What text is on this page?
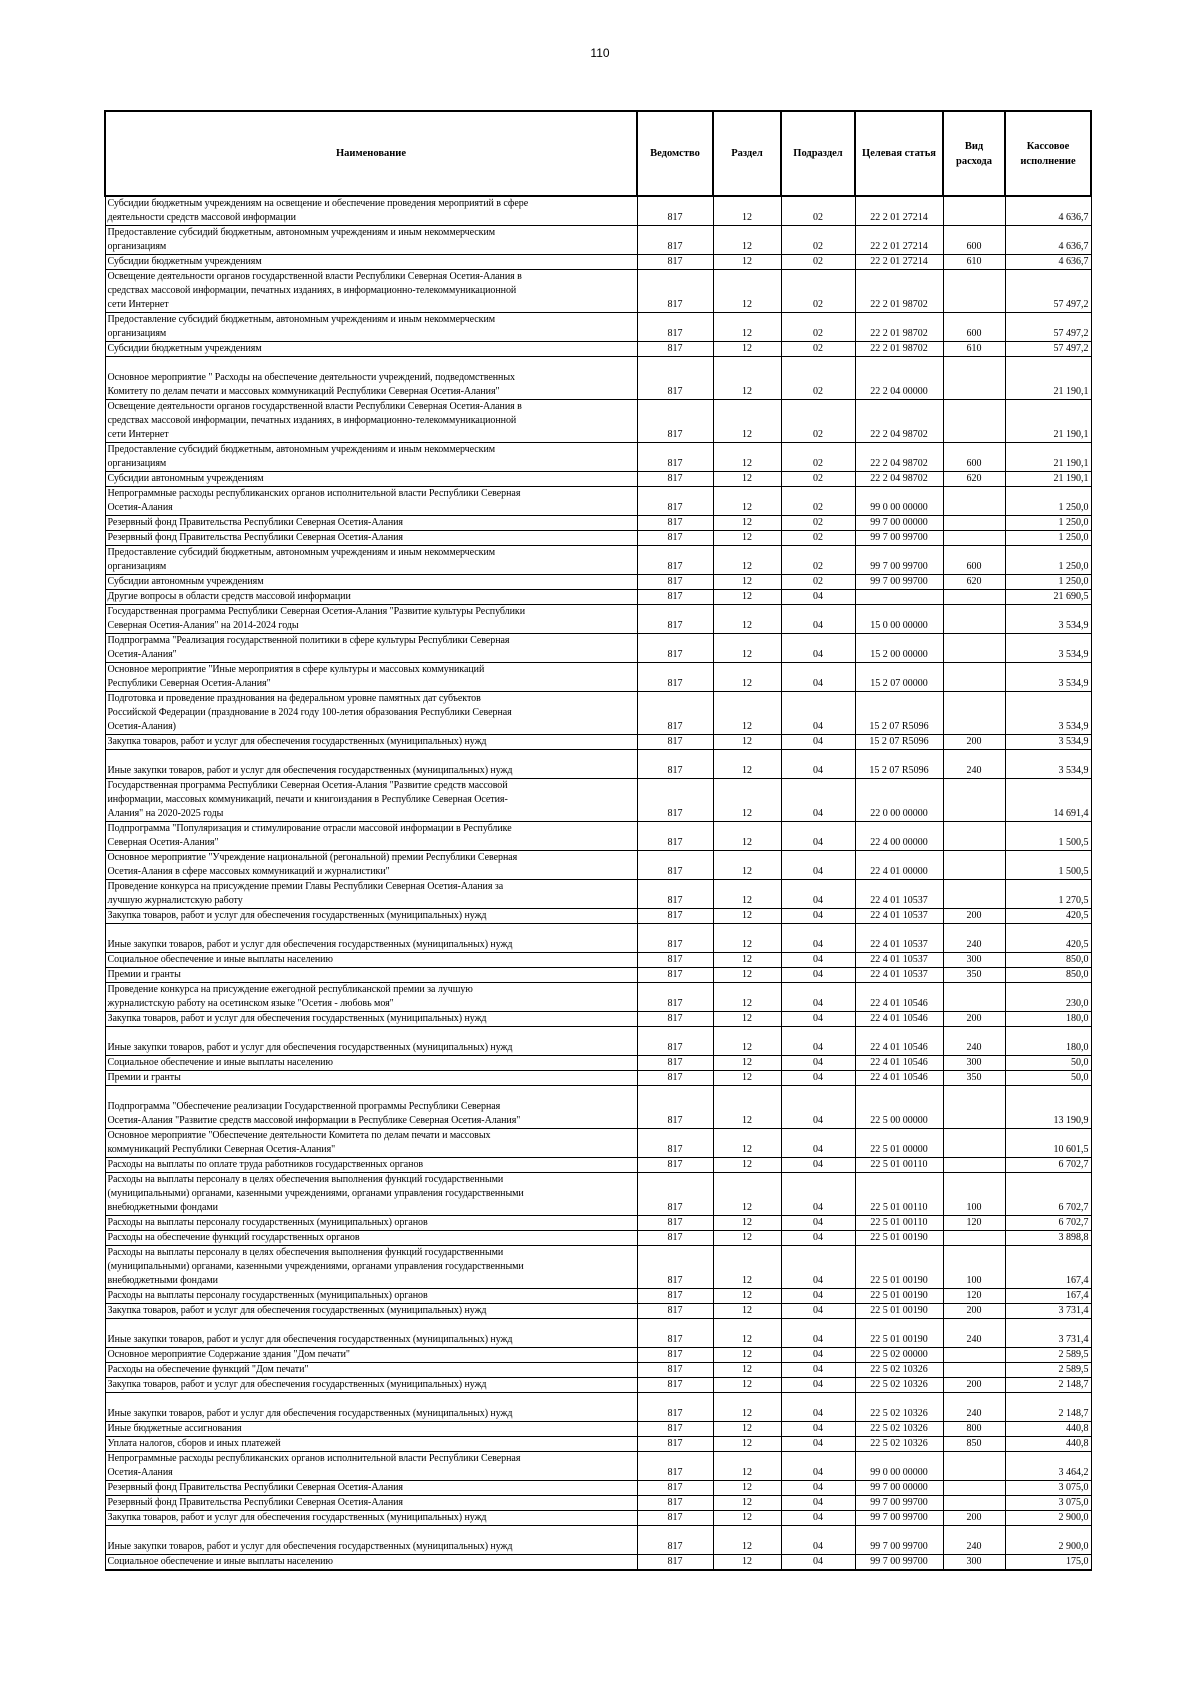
110
Наименование	Ведомство	Раздел	Подраздел	Целевая статья	Вид расхода	Кассовое исполнение

Субсидии бюджетным учреждениям на освещение и обеспечение проведения мероприятий в сфере
деятельности средств массовой информации	817	12	02	22 2 01 27214		4 636,7

Предоставление субсидий бюджетным, автономным учреждениям и иным некоммерческим
организациям	817	12	02	22 2 01 27214	600	4 636,7

Субсидии бюджетным учреждениям	817	12	02	22 2 01 27214	610	4 636,7

Освещение деятельности органов государственной власти Республики Северная Осетия-Алания в
средствах массовой информации, печатных изданиях, в информационно-телекоммуникационной
сети Интернет	817	12	02	22 2 01 98702		57 497,2

Предоставление субсидий бюджетным, автономным учреждениям и иным некоммерческим
организациям	817	12	02	22 2 01 98702	600	57 497,2

Субсидии бюджетным учреждениям	817	12	02	22 2 01 98702	610	57 497,2

Основное мероприятие " Расходы на обеспечение деятельности учреждений, подведомственных
Комитету по делам печати и массовых коммуникаций Республики Северная Осетия-Алания"	817	12	02	22 2 04 00000		21 190,1

Освещение деятельности органов государственной власти Республики Северная Осетия-Алания в
средствах массовой информации, печатных изданиях, в информационно-телекоммуникационной
сети Интернет	817	12	02	22 2 04 98702		21 190,1

Предоставление субсидий бюджетным, автономным учреждениям и иным некоммерческим
организациям	817	12	02	22 2 04 98702	600	21 190,1

Субсидии автономным учреждениям	817	12	02	22 2 04 98702	620	21 190,1

Непрограммные расходы республиканских органов исполнительной власти Республики Северная
Осетия-Алания	817	12	02	99 0 00 00000		1 250,0

Резервный фонд Правительства Республики Северная Осетия-Алания	817	12	02	99 7 00 00000		1 250,0

Резервный фонд Правительства Республики Северная Осетия-Алания	817	12	02	99 7 00 99700		1 250,0

Предоставление субсидий бюджетным, автономным учреждениям и иным некоммерческим
организациям	817	12	02	99 7 00 99700	600	1 250,0

Субсидии автономным учреждениям	817	12	02	99 7 00 99700	620	1 250,0

Другие вопросы в области средств массовой информации	817	12	04			21 690,5

Государственная программа Республики Северная Осетия-Алания "Развитие культуры Республики
Северная Осетия-Алания" на 2014-2024 годы	817	12	04	15 0 00 00000		3 534,9

Подпрограмма "Реализация государственной политики в сфере культуры Республики Северная
Осетия-Алания"	817	12	04	15 2 00 00000		3 534,9

Основное мероприятие "Иные мероприятия в сфере культуры и массовых коммуникаций
Республики Северная Осетия-Алания"	817	12	04	15 2 07 00000		3 534,9

Подготовка и проведение празднования на федеральном уровне памятных дат субъектов
Российской Федерации (празднование в 2024 году 100-летия образования Республики Северная
Осетия-Алания)	817	12	04	15 2 07 R5096		3 534,9

Закупка товаров, работ и услуг для обеспечения государственных (муниципальных) нужд	817	12	04	15 2 07 R5096	200	3 534,9

Иные закупки товаров, работ и услуг для обеспечения государственных (муниципальных) нужд	817	12	04	15 2 07 R5096	240	3 534,9

Государственная программа Республики Северная Осетия-Алания "Развитие средств массовой
информации, массовых коммуникаций, печати и книгоиздания в Республике Северная Осетия-
Алания" на 2020-2025 годы	817	12	04	22 0 00 00000		14 691,4

Подпрограмма "Популяризация и стимулирование отрасли массовой информации в Республике
Северная Осетия-Алания"	817	12	04	22 4 00 00000		1 500,5

Основное мероприятие "Учреждение национальной (регональной) премии Республики Северная
Осетия-Алания в сфере массовых коммуникаций и журналистики"	817	12	04	22 4 01 00000		1 500,5

Проведение конкурса на присуждение премии Главы Республики Северная Осетия-Алания за
лучшую журналистскую работу	817	12	04	22 4 01 10537		1 270,5

Закупка товаров, работ и услуг для обеспечения государственных (муниципальных) нужд	817	12	04	22 4 01 10537	200	420,5

Иные закупки товаров, работ и услуг для обеспечения государственных (муниципальных) нужд	817	12	04	22 4 01 10537	240	420,5

Социальное обеспечение и иные выплаты населению	817	12	04	22 4 01 10537	300	850,0

Премии и гранты	817	12	04	22 4 01 10537	350	850,0

Проведение конкурса на присуждение ежегодной республиканской премии за лучшую
журналистскую работу на осетинском языке "Осетия - любовь моя"	817	12	04	22 4 01 10546		230,0

Закупка товаров, работ и услуг для обеспечения государственных (муниципальных) нужд	817	12	04	22 4 01 10546	200	180,0

Иные закупки товаров, работ и услуг для обеспечения государственных (муниципальных) нужд	817	12	04	22 4 01 10546	240	180,0

Социальное обеспечение и иные выплаты населению	817	12	04	22 4 01 10546	300	50,0

Премии и гранты	817	12	04	22 4 01 10546	350	50,0

Подпрограмма "Обеспечение реализации Государственной программы Республики Северная
Осетия-Алания "Развитие средств массовой информации в Республике Северная Осетия-Алания"	817	12	04	22 5 00 00000		13 190,9

Основное мероприятие "Обеспечение деятельности Комитета по делам печати и массовых
коммуникаций Республики Северная Осетия-Алания"	817	12	04	22 5 01 00000		10 601,5

Расходы на выплаты по оплате труда работников государственных органов	817	12	04	22 5 01 00110		6 702,7

Расходы на выплаты персоналу в целях обеспечения выполнения функций государственными
(муниципальными) органами, казенными учреждениями, органами управления государственными
внебюджетными фондами	817	12	04	22 5 01 00110	100	6 702,7

Расходы на выплаты персоналу государственных (муниципальных) органов	817	12	04	22 5 01 00110	120	6 702,7

Расходы на обеспечение функций государственных органов	817	12	04	22 5 01 00190		3 898,8

Расходы на выплаты персоналу в целях обеспечения выполнения функций государственными
(муниципальными) органами, казенными учреждениями, органами управления государственными
внебюджетными фондами	817	12	04	22 5 01 00190	100	167,4

Расходы на выплаты персоналу государственных (муниципальных) органов	817	12	04	22 5 01 00190	120	167,4

Закупка товаров, работ и услуг для обеспечения государственных (муниципальных) нужд	817	12	04	22 5 01 00190	200	3 731,4

Иные закупки товаров, работ и услуг для обеспечения государственных (муниципальных) нужд	817	12	04	22 5 01 00190	240	3 731,4

Основное мероприятие Содержание здания "Дом печати"	817	12	04	22 5 02 00000		2 589,5

Расходы на обеспечение функций "Дом печати"	817	12	04	22 5 02 10326		2 589,5

Закупка товаров, работ и услуг для обеспечения государственных (муниципальных) нужд	817	12	04	22 5 02 10326	200	2 148,7

Иные закупки товаров, работ и услуг для обеспечения государственных (муниципальных) нужд	817	12	04	22 5 02 10326	240	2 148,7

Иные бюджетные ассигнования	817	12	04	22 5 02 10326	800	440,8

Уплата налогов, сборов и иных платежей	817	12	04	22 5 02 10326	850	440,8

Непрограммные расходы республиканских органов исполнительной власти Республики Северная
Осетия-Алания	817	12	04	99 0 00 00000		3 464,2

Резервный фонд Правительства Республики Северная Осетия-Алания	817	12	04	99 7 00 00000		3 075,0

Резервный фонд Правительства Республики Северная Осетия-Алания	817	12	04	99 7 00 99700		3 075,0

Закупка товаров, работ и услуг для обеспечения государственных (муниципальных) нужд	817	12	04	99 7 00 99700	200	2 900,0

Иные закупки товаров, работ и услуг для обеспечения государственных (муниципальных) нужд	817	12	04	99 7 00 99700	240	2 900,0

Социальное обеспечение и иные выплаты населению	817	12	04	99 7 00 99700	300	175,0
